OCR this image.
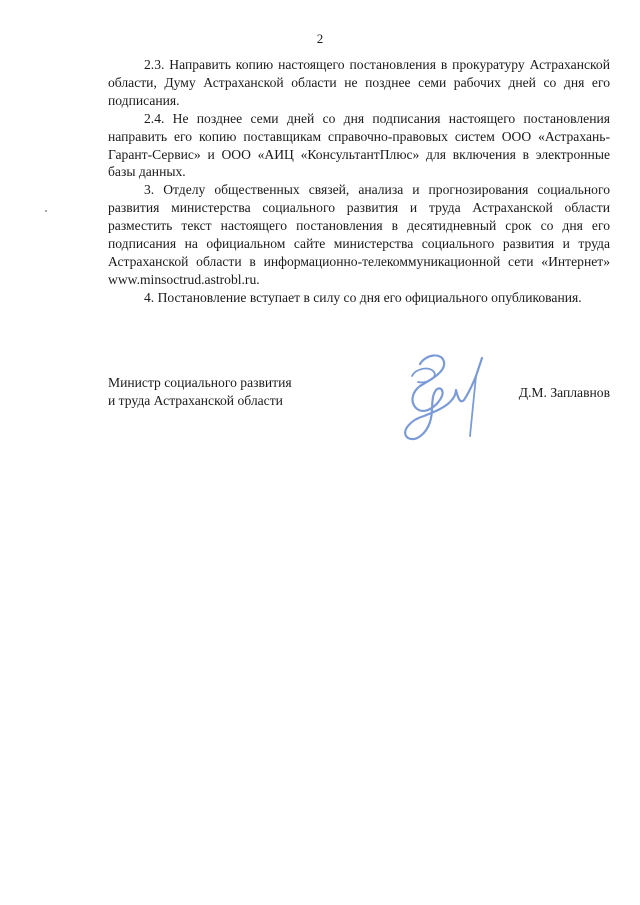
2

2.3. Направить копию настоящего постановления в прокуратуру Астраханской области, Думу Астраханской области не позднее семи рабочих дней со дня его подписания.

2.4. Не позднее семи дней со дня подписания настоящего постановления направить его копию поставщикам справочно-правовых систем ООО «Астрахань-Гарант-Сервис» и ООО «АИЦ «КонсультантПлюс» для включения в электронные базы данных.

3. Отделу общественных связей, анализа и прогнозирования социального развития министерства социального развития и труда Астраханской области разместить текст настоящего постановления в десятидневный срок со дня его подписания на официальном сайте министерства социального развития и труда Астраханской области в информационно-телекоммуникационной сети «Интернет» www.minsoctrud.astrobl.ru.

4. Постановление вступает в силу со дня его официального опубликования.

Министр социального развития
и труда Астраханской области
Д.М. Заплавнов
